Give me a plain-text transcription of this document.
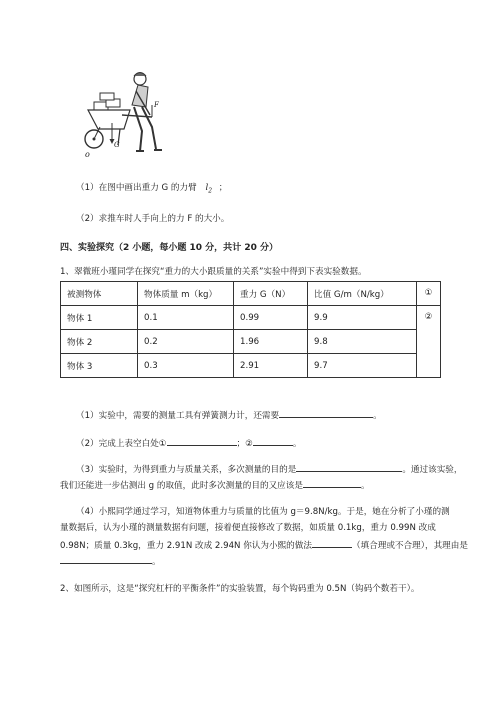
o
G
F
（1）在图中画出重力 G 的力臂 $l_2$ ；
（2）求推车时人手向上的力 F 的大小。
四、实验探究（2 小题，每小题 10 分，共计 20 分）
1、翠微班小瑾同学在探究“重力的大小跟质量的关系”实验中得到下表实验数据。
被测物体	物体质量 m（kg）	重力 G（N）	比值 G/m（N/kg）	①

物体 1	0.1	0.99	9.9	②

物体 2	0.2	1.96	9.8	
物体 3	0.3	2.91	9.7	
（1）实验中，需要的测量工具有弹簧测力计，还需要	。
（2）完成上表空白处①	；②	。
（3）实验时，为得到重力与质量关系，多次测量的目的是	。通过该实验，
我们还能进一步估测出 g 的取值，此时多次测量的目的又应该是	。
（4）小熙同学通过学习，知道物体重力与质量的比值为 g＝9.8N/kg。于是，她在分析了小瑾的测
量数据后，认为小瑾的测量数据有问题，接着便直接修改了数据，如质量 0.1kg，重力 0.99N 改成
0.98N；质量 0.3kg，重力 2.91N 改成 2.94N 你认为小熙的做法	（填合理或不合理），其理由是
。
2、如图所示，这是“探究杠杆的平衡条件”的实验装置，每个钩码重为 0.5N（钩码个数若干）。
